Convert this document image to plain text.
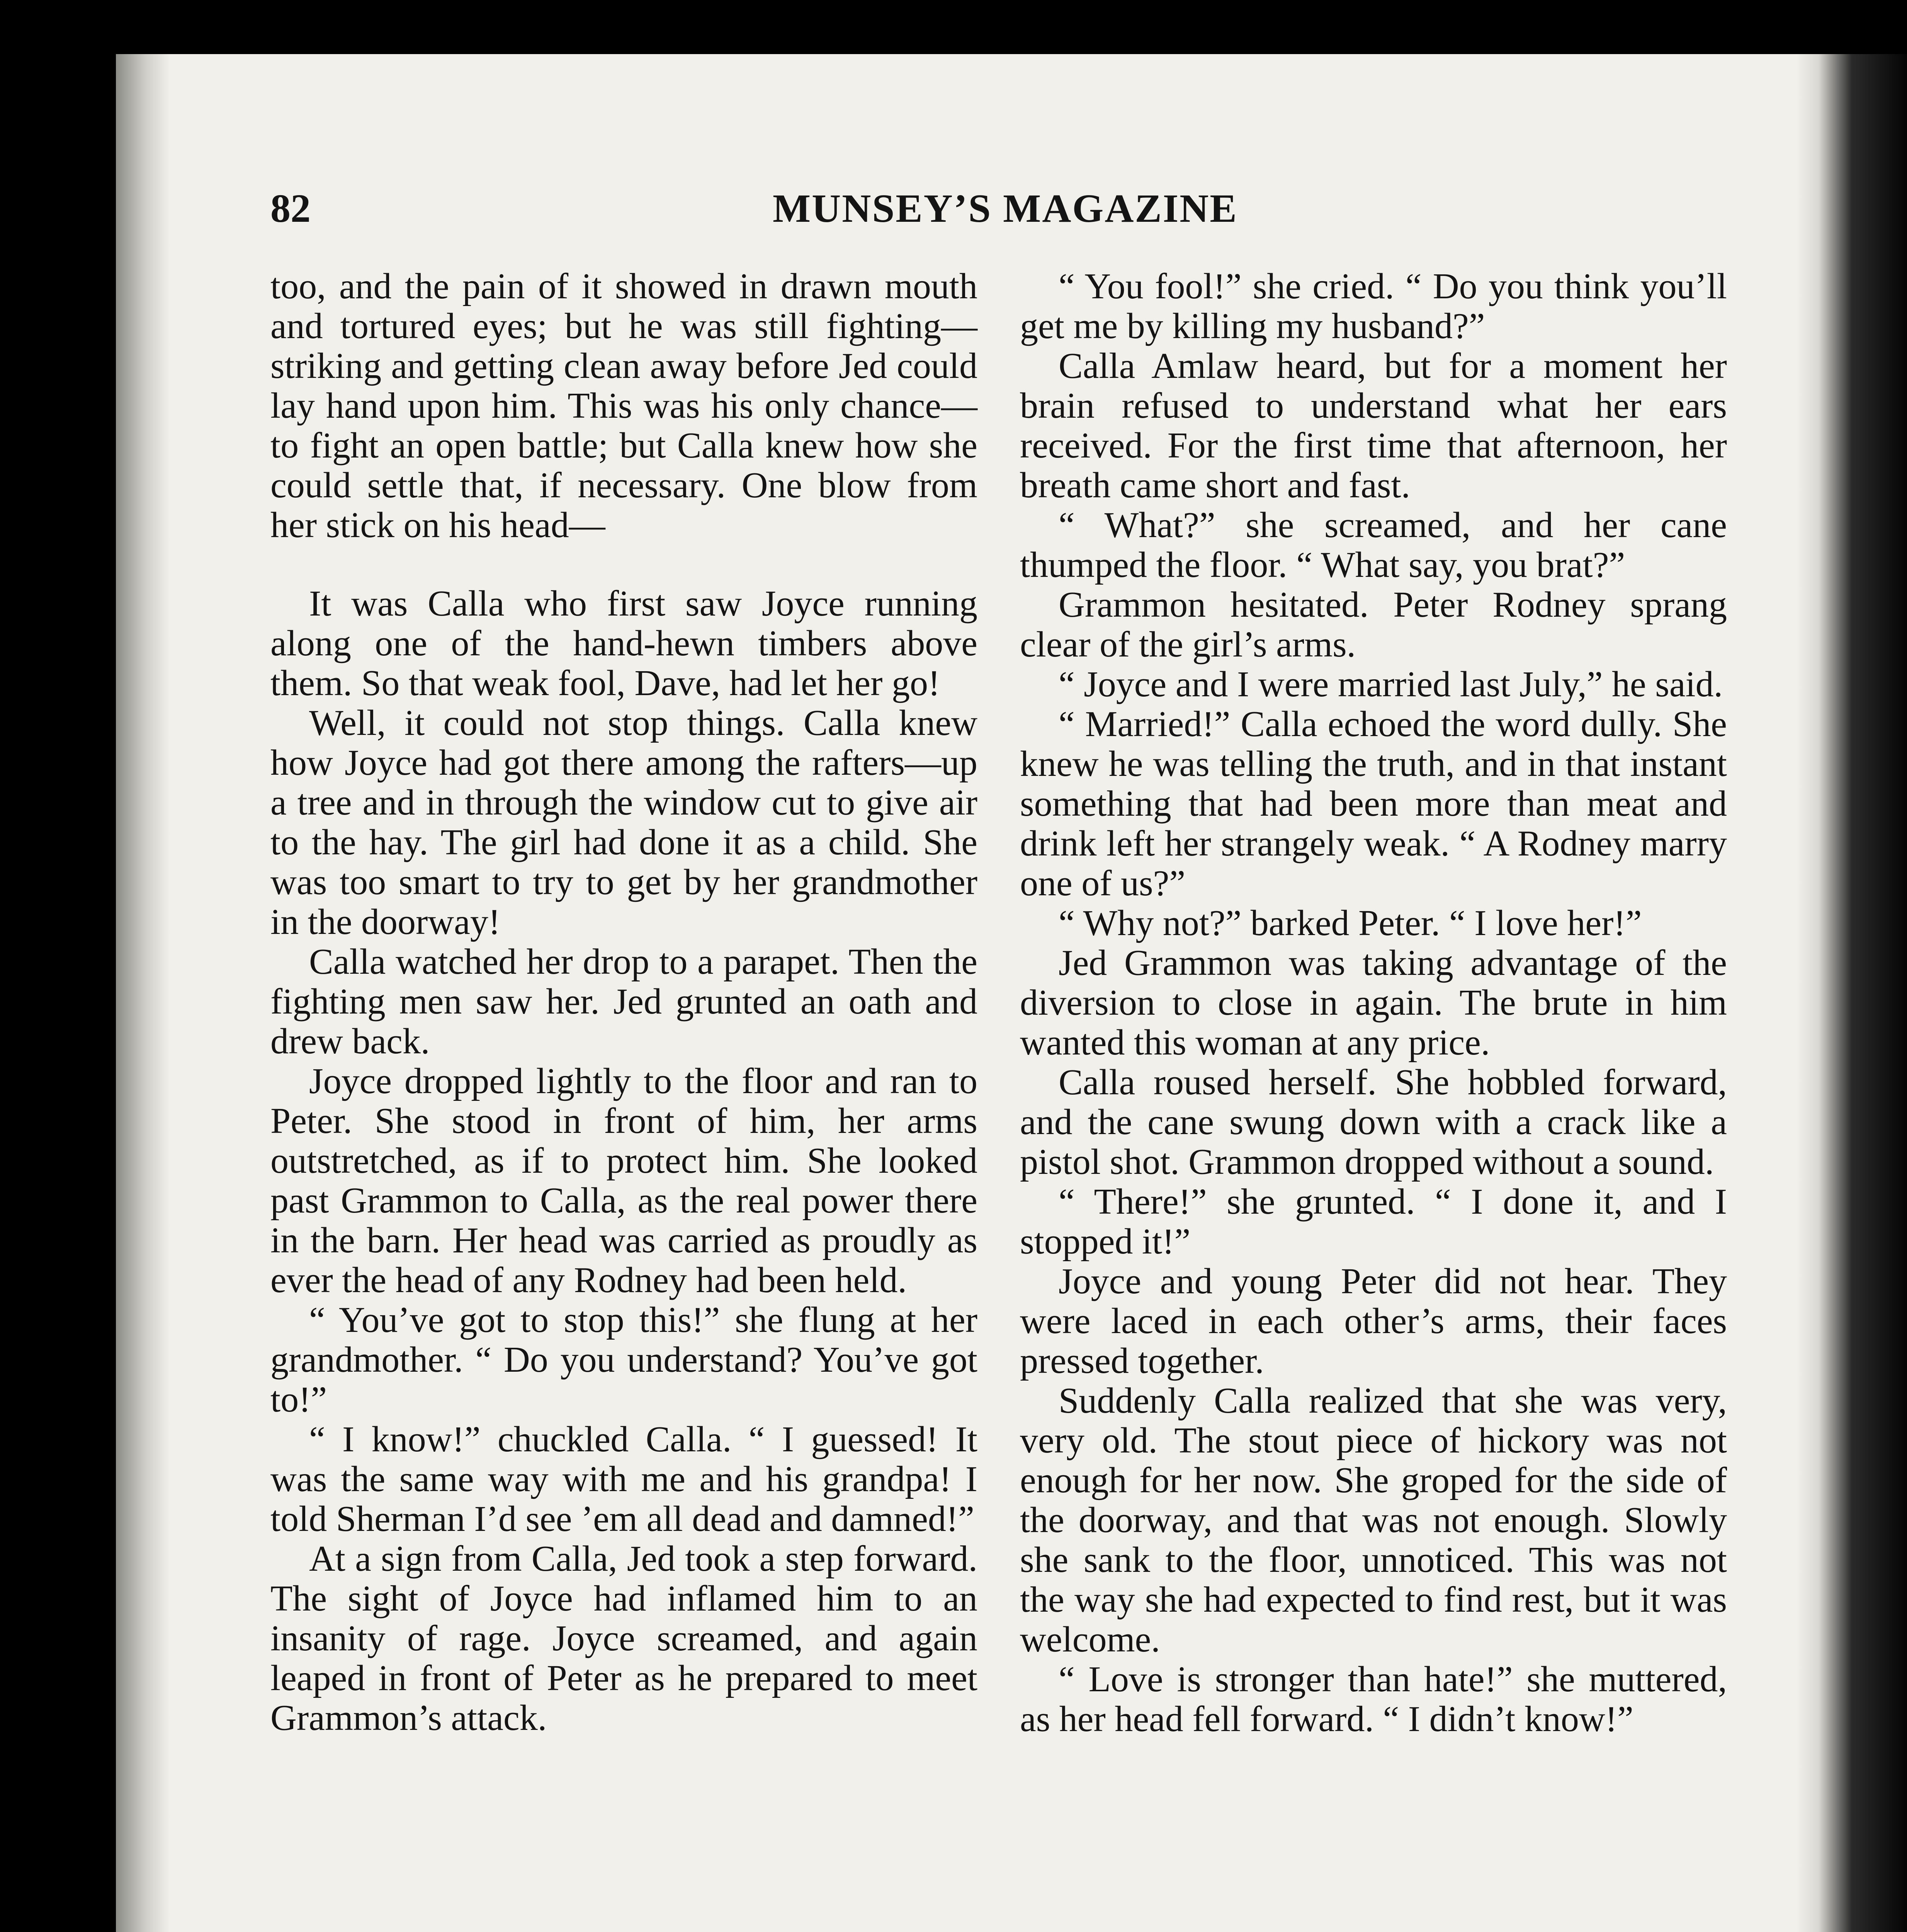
82	MUNSEY’S MAGAZINE

too, and the pain of it showed in drawn mouth and tortured eyes; but he was still fighting—striking and getting clean away before Jed could lay hand upon him. This was his only chance—to fight an open battle; but Calla knew how she could settle that, if necessary. One blow from her stick on his head—

It was Calla who first saw Joyce running along one of the hand-hewn timbers above them. So that weak fool, Dave, had let her go!

Well, it could not stop things. Calla knew how Joyce had got there among the rafters—up a tree and in through the window cut to give air to the hay. The girl had done it as a child. She was too smart to try to get by her grandmother in the doorway!

Calla watched her drop to a parapet. Then the fighting men saw her. Jed grunted an oath and drew back.

Joyce dropped lightly to the floor and ran to Peter. She stood in front of him, her arms outstretched, as if to protect him. She looked past Grammon to Calla, as the real power there in the barn. Her head was carried as proudly as ever the head of any Rodney had been held.

“ You’ve got to stop this!” she flung at her grandmother. “ Do you understand? You’ve got to!”

“ I know!” chuckled Calla. “ I guessed! It was the same way with me and his grandpa! I told Sherman I’d see ’em all dead and damned!”

At a sign from Calla, Jed took a step forward. The sight of Joyce had inflamed him to an insanity of rage. Joyce screamed, and again leaped in front of Peter as he prepared to meet Grammon’s attack.

“ You fool!” she cried. “ Do you think you’ll get me by killing my husband?”

Calla Amlaw heard, but for a moment her brain refused to understand what her ears received. For the first time that afternoon, her breath came short and fast.

“ What?” she screamed, and her cane thumped the floor. “ What say, you brat?”

Grammon hesitated. Peter Rodney sprang clear of the girl’s arms.

“ Joyce and I were married last July,” he said.

“ Married!” Calla echoed the word dully. She knew he was telling the truth, and in that instant something that had been more than meat and drink left her strangely weak. “ A Rodney marry one of us?”

“ Why not?” barked Peter. “ I love her!”

Jed Grammon was taking advantage of the diversion to close in again. The brute in him wanted this woman at any price.

Calla roused herself. She hobbled forward, and the cane swung down with a crack like a pistol shot. Grammon dropped without a sound.

“ There!” she grunted. “ I done it, and I stopped it!”

Joyce and young Peter did not hear. They were laced in each other’s arms, their faces pressed together.

Suddenly Calla realized that she was very, very old. The stout piece of hickory was not enough for her now. She groped for the side of the doorway, and that was not enough. Slowly she sank to the floor, unnoticed. This was not the way she had expected to find rest, but it was welcome.

“ Love is stronger than hate!” she muttered, as her head fell forward. “ I didn’t know!”
